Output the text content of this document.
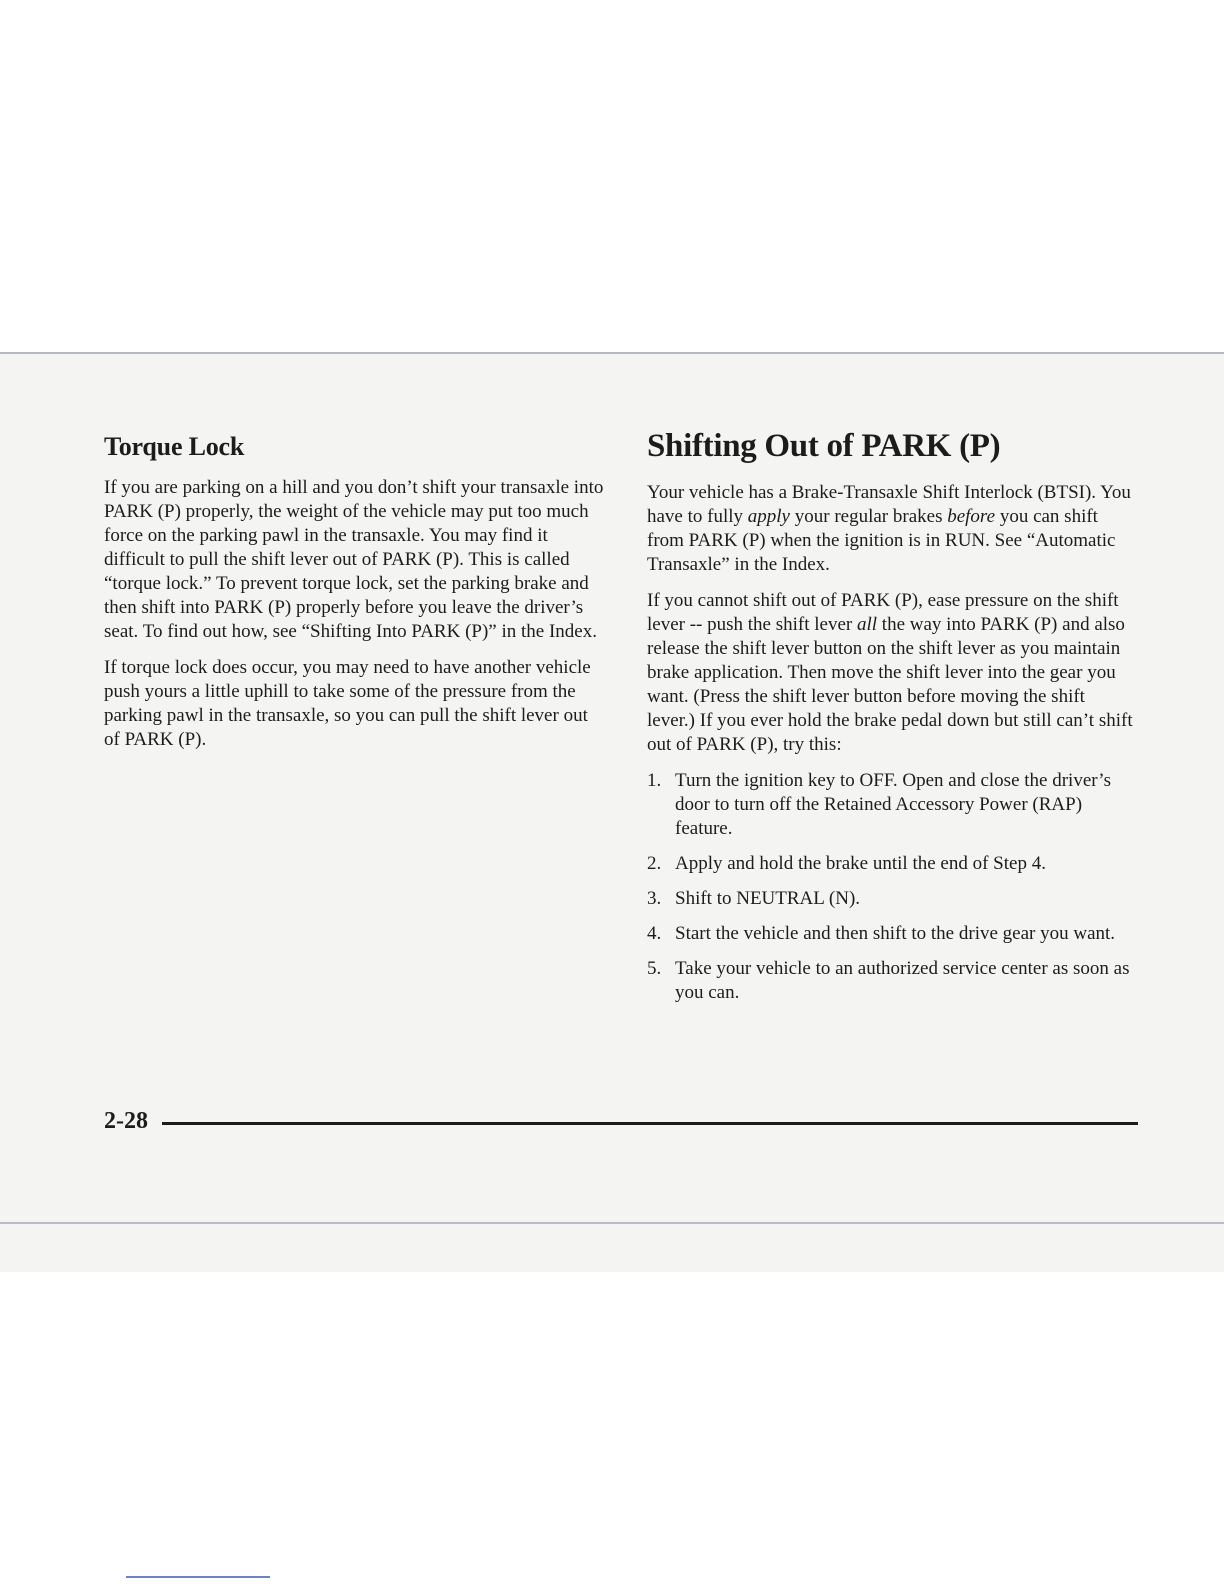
Torque Lock

If you are parking on a hill and you don’t shift your transaxle into PARK (P) properly, the weight of the vehicle may put too much force on the parking pawl in the transaxle. You may find it difficult to pull the shift lever out of PARK (P). This is called “torque lock.” To prevent torque lock, set the parking brake and then shift into PARK (P) properly before you leave the driver’s seat. To find out how, see “Shifting Into PARK (P)” in the Index.

If torque lock does occur, you may need to have another vehicle push yours a little uphill to take some of the pressure from the parking pawl in the transaxle, so you can pull the shift lever out of PARK (P).

Shifting Out of PARK (P)

Your vehicle has a Brake-Transaxle Shift Interlock (BTSI). You have to fully apply your regular brakes before you can shift from PARK (P) when the ignition is in RUN. See “Automatic Transaxle” in the Index.

If you cannot shift out of PARK (P), ease pressure on the shift lever -- push the shift lever all the way into PARK (P) and also release the shift lever button on the shift lever as you maintain brake application. Then move the shift lever into the gear you want. (Press the shift lever button before moving the shift lever.) If you ever hold the brake pedal down but still can’t shift out of PARK (P), try this:

1. Turn the ignition key to OFF. Open and close the driver’s door to turn off the Retained Accessory Power (RAP) feature.
2. Apply and hold the brake until the end of Step 4.
3. Shift to NEUTRAL (N).
4. Start the vehicle and then shift to the drive gear you want.
5. Take your vehicle to an authorized service center as soon as you can.
2-28
